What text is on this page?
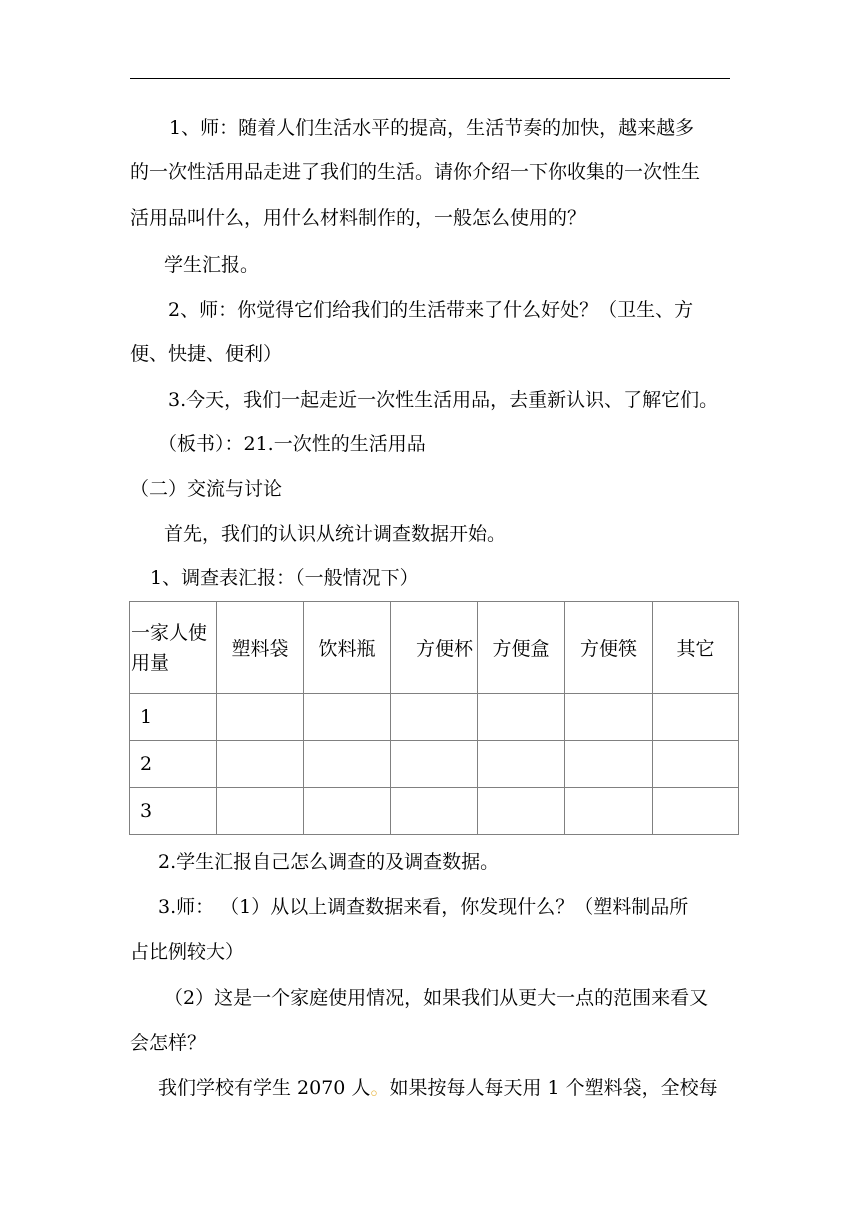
1、师：随着人们生活水平的提高，生活节奏的加快，越来越多
的一次性活用品走进了我们的生活。请你介绍一下你收集的一次性生
活用品叫什么，用什么材料制作的，一般怎么使用的？
学生汇报。
2、师：你觉得它们给我们的生活带来了什么好处？（卫生、方
便、快捷、便利）
3.今天，我们一起走近一次性生活用品，去重新认识、了解它们。
（板书）：21.一次性的生活用品
（二）交流与讨论
首先，我们的认识从统计调查数据开始。
1、调查表汇报：（一般情况下）
一家人使
用量	塑料袋	饮料瓶	方便杯	方便盒	方便筷	其它
1						
2						
3						
2.学生汇报自己怎么调查的及调查数据。
3.师： （1）从以上调查数据来看，你发现什么？（塑料制品所
占比例较大）
（2）这是一个家庭使用情况，如果我们从更大一点的范围来看又
会怎样？
我们学校有学生 2070 人。如果按每人每天用 1 个塑料袋，全校每
